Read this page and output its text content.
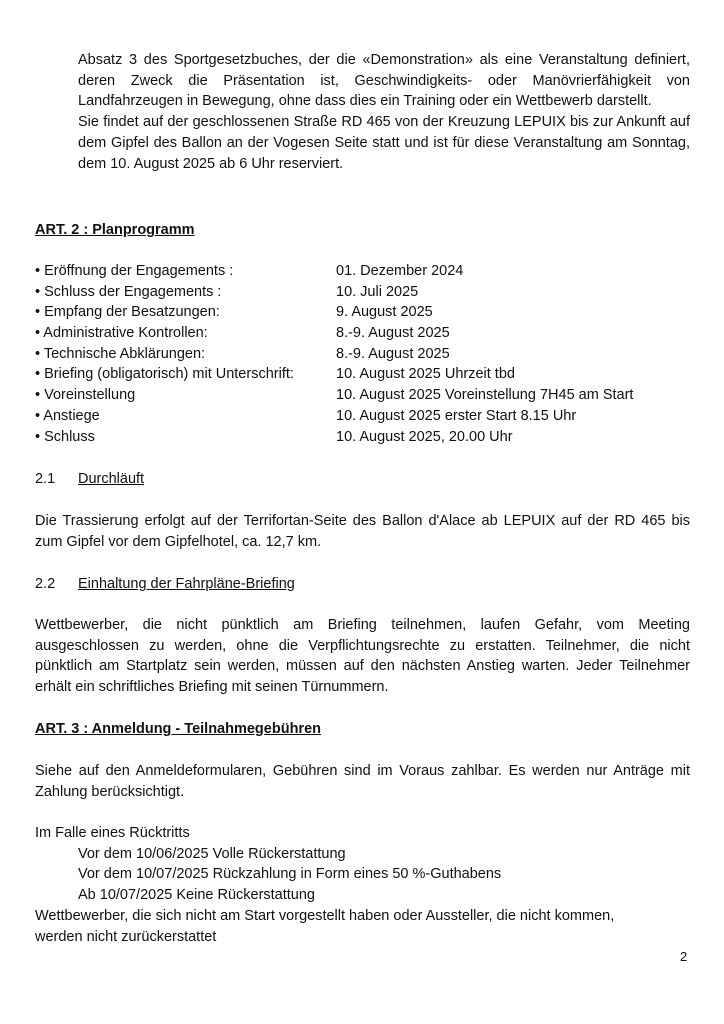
Absatz 3 des Sportgesetzbuches, der die «Demonstration» als eine Veranstaltung definiert, deren Zweck die Präsentation ist, Geschwindigkeits- oder Manövrierfähigkeit von Landfahrzeugen in Bewegung, ohne dass dies ein Training oder ein Wettbewerb darstellt.

Sie findet auf der geschlossenen Straße RD 465 von der Kreuzung LEPUIX bis zur Ankunft auf dem Gipfel des Ballon an der Vogesen Seite statt und ist für diese Veranstaltung am Sonntag, dem 10. August 2025 ab 6 Uhr reserviert.

ART. 2 : Planprogramm

• Eröffnung der Engagements :	01. Dezember 2024
• Schluss der Engagements :	10. Juli 2025
• Empfang der Besatzungen:	9. August 2025
• Administrative Kontrollen:	8.-9. August 2025
• Technische Abklärungen:	8.-9. August 2025
• Briefing (obligatorisch) mit Unterschrift:	10. August 2025 Uhrzeit tbd
• Voreinstellung	10. August 2025 Voreinstellung 7H45 am Start
• Anstiege	10. August 2025 erster Start 8.15 Uhr
• Schluss	10. August 2025, 20.00 Uhr

2.1	Durchläuft

Die Trassierung erfolgt auf der Terrifortan-Seite des Ballon d'Alace ab LEPUIX auf der RD 465 bis zum Gipfel vor dem Gipfelhotel, ca. 12,7 km.

2.2	Einhaltung der Fahrpläne-Briefing

Wettbewerber, die nicht pünktlich am Briefing teilnehmen, laufen Gefahr, vom Meeting ausgeschlossen zu werden, ohne die Verpflichtungsrechte zu erstatten. Teilnehmer, die nicht pünktlich am Startplatz sein werden, müssen auf den nächsten Anstieg warten. Jeder Teilnehmer erhält ein schriftliches Briefing mit seinen Türnummern.

ART. 3 : Anmeldung - Teilnahmegebühren

Siehe auf den Anmeldeformularen, Gebühren sind im Voraus zahlbar. Es werden nur Anträge mit Zahlung berücksichtigt.

Im Falle eines Rücktritts

Vor dem 10/06/2025 Volle Rückerstattung

Vor dem 10/07/2025 Rückzahlung in Form eines 50 %-Guthabens

Ab 10/07/2025 Keine Rückerstattung

Wettbewerber, die sich nicht am Start vorgestellt haben oder Aussteller, die nicht kommen,

werden nicht zurückerstattet

2
